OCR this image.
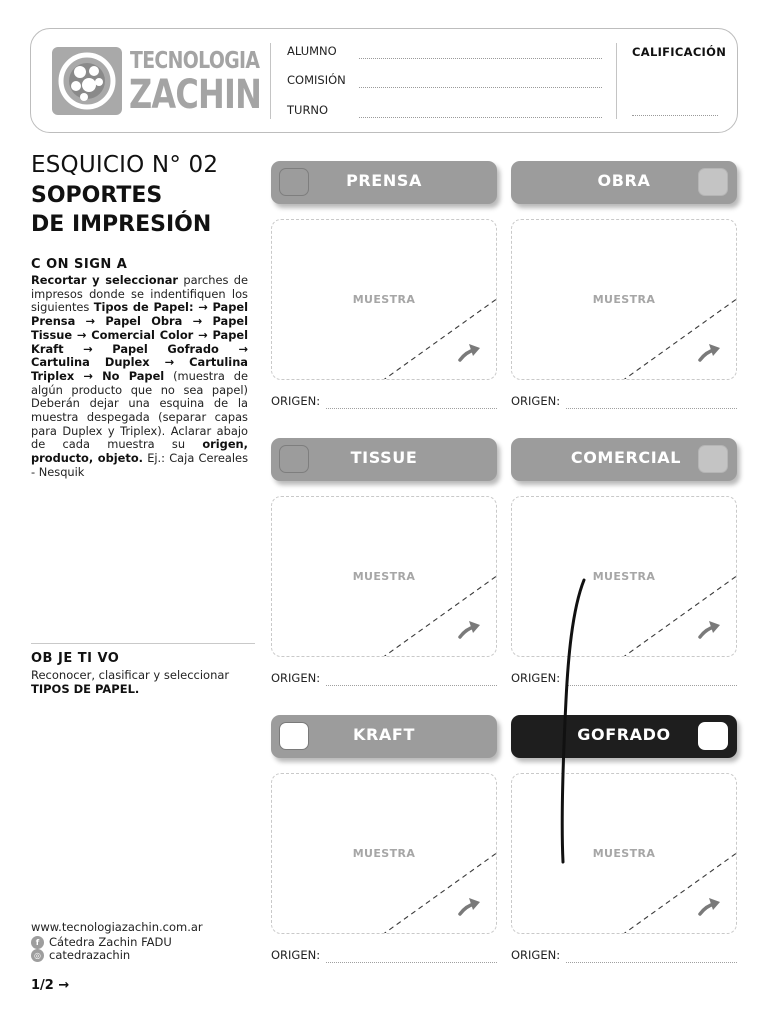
TECNOLOGIA
ZACHIN
ALUMNO
COMISIÓN
TURNO
CALIFICACIÓN
ESQUICIO N° 02
SOPORTES
DE IMPRESIÓN
C ON SIGN A
Recortar y seleccionar parches de impresos donde se indentifiquen los siguientes Tipos de Papel: → Papel Prensa → Papel Obra → Papel Tissue → Comercial Color → Papel Kraft → Papel Gofrado → Cartulina Duplex → Cartulina Triplex → No Papel (muestra de algún producto que no sea papel) Deberán dejar una esquina de la muestra despegada (separar capas para Duplex y Triplex). Aclarar abajo de cada muestra su origen, producto, objeto. Ej.: Caja Cereales - Nesquik
OB JE TI VO
Reconocer, clasificar y seleccionar
TIPOS DE PAPEL.
www.tecnologiazachin.com.ar
f Cátedra Zachin FADU
◎ catedrazachin
1/2 →
PRENSA
MUESTRA
ORIGEN:
OBRA
MUESTRA
ORIGEN:
TISSUE
MUESTRA
ORIGEN:
COMERCIAL
MUESTRA
ORIGEN:
KRAFT
MUESTRA
ORIGEN:
GOFRADO
MUESTRA
ORIGEN:
